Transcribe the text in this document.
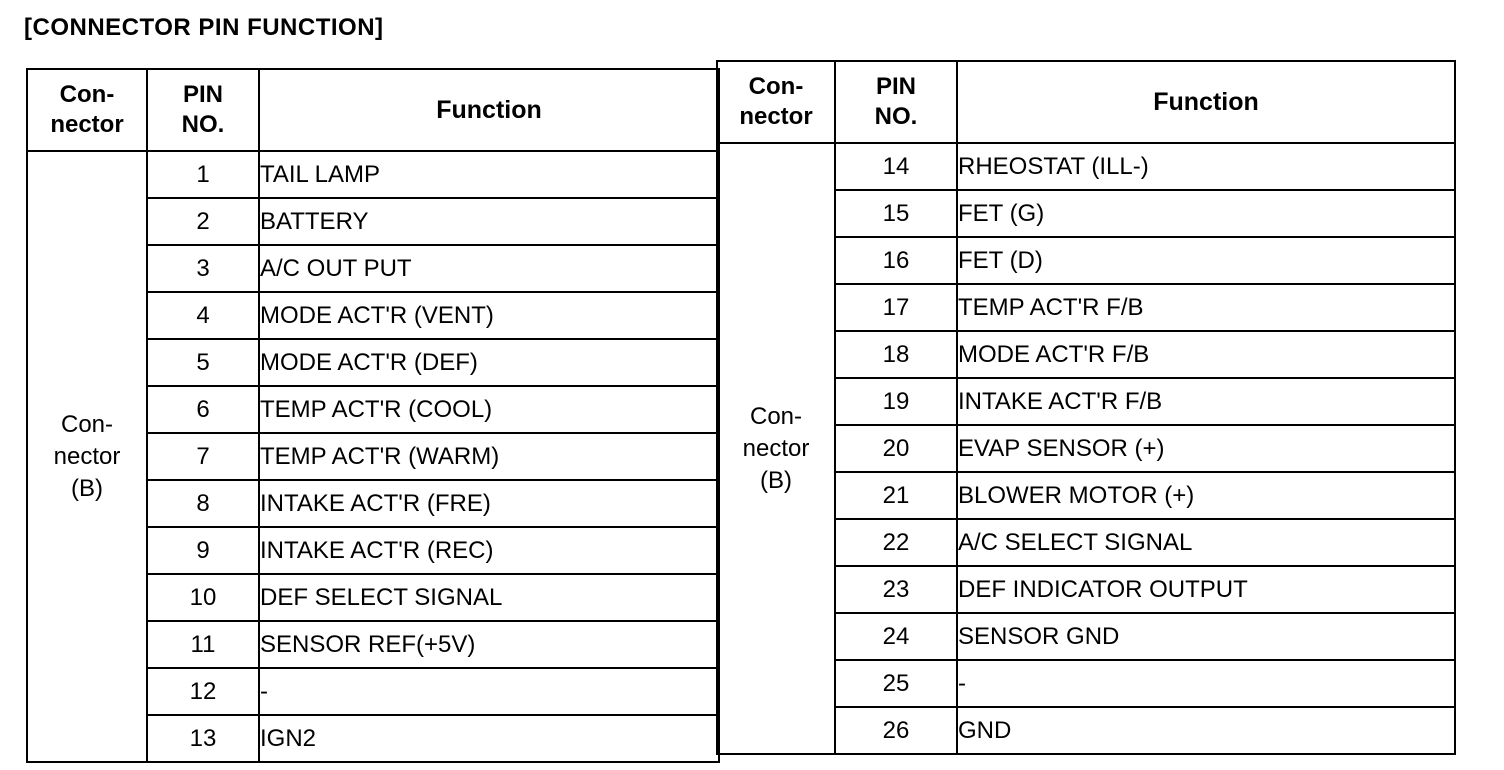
[CONNECTOR PIN FUNCTION]
Con-
nector	PIN
NO.	Function
Con-
nector
(B)	1	TAIL LAMP
	2	BATTERY
	3	A/C OUT PUT
	4	MODE ACT'R (VENT)
	5	MODE ACT'R (DEF)
	6	TEMP ACT'R (COOL)
	7	TEMP ACT'R (WARM)
	8	INTAKE ACT'R (FRE)
	9	INTAKE ACT'R (REC)
	10	DEF SELECT SIGNAL
	11	SENSOR REF(+5V)
	12	-
	13	IGN2
Con-
nector	PIN
NO.	Function
Con-
nector
(B)	14	RHEOSTAT (ILL-)
	15	FET (G)
	16	FET (D)
	17	TEMP ACT'R F/B
	18	MODE ACT'R F/B
	19	INTAKE ACT'R F/B
	20	EVAP SENSOR (+)
	21	BLOWER MOTOR (+)
	22	A/C SELECT SIGNAL
	23	DEF INDICATOR OUTPUT
	24	SENSOR GND
	25	-
	26	GND
